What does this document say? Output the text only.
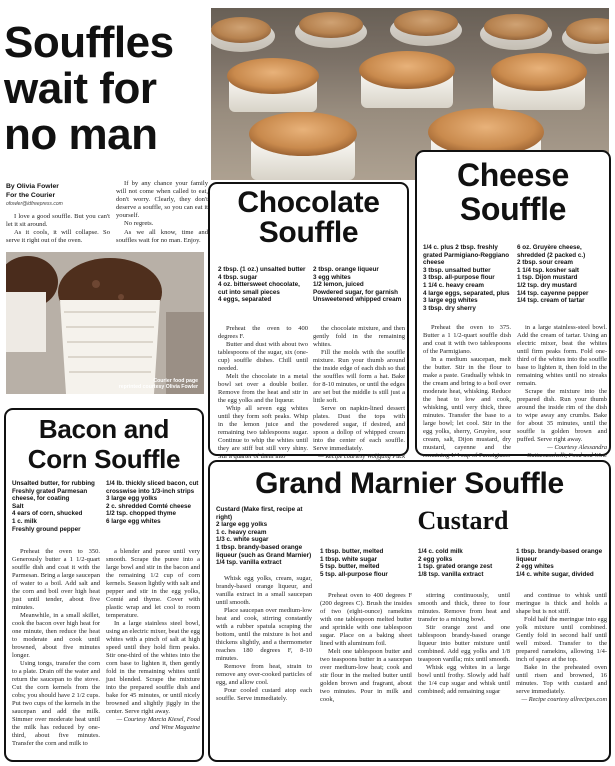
Souffles
wait for
no man
By Olivia Fowler
For the Courier
ofowler@idfreepress.com

I love a good souffle. But you can't let it sit around.

As it cools, it will collapse. So serve it right out of the oven.

If by any chance your family will not come when called to eat, don't worry. Clearly, they don't deserve a souffle, so you can eat it yourself.

No regrets.

As we all know, time and souffles wait for no man. Enjoy.

Courier food page
reprinted courtesy Olivia Fowler
Chocolate
Souffle
2 tbsp. (1 oz.) unsalted butter
4 tbsp. sugar
4 oz. bittersweet chocolate, cut into small pieces
4 eggs, separated
2 tbsp. orange liqueur
3 egg whites
1/2 lemon, juiced
Powdered sugar, for garnish
Unsweetened whipped cream

Preheat the oven to 400 degrees F.

Butter and dust with about two tablespoons of the sugar, six (one-cup) souffle dishes. Chill until needed.

Melt the chocolate in a metal bowl set over a double boiler. Remove from the heat and stir in the egg yolks and the liqueur.

Whip all seven egg whites until they form soft peaks. Whip in the lemon juice and the remaining two tablespoons sugar. Continue to whip the whites until they are stiff but still very shiny. Stir a quarter of them into

the chocolate mixture, and then gently fold in the remaining whites.

Fill the molds with the souffle mixture. Run your thumb around the inside edge of each dish so that the souffles will form a hat. Bake for 8-10 minutes, or until the edges are set but the middle is still just a little soft.

Serve on napkin-lined dessert plates. Dust the tops with powdered sugar, if desired, and spoon a dollop of whipped cream into the center of each souffle. Serve immediately.

— Recipe courtesy Wolfgang Puck
Cheese
Souffle
1/4 c. plus 2 tbsp. freshly grated Parmigiano-Reggiano cheese
3 tbsp. unsalted butter
3 tbsp. all-purpose flour
1 1/4 c. heavy cream
4 large eggs, separated, plus 3 large egg whites
3 tbsp. dry sherry
6 oz. Gruyère cheese, shredded (2 packed c.)
2 tbsp. sour cream
1 1/4 tsp. kosher salt
1 tsp. Dijon mustard
1/2 tsp. dry mustard
1/4 tsp. cayenne pepper
1/4 tsp. cream of tartar

Preheat the oven to 375. Butter a 1 1/2-quart souffle dish and coat it with two tablespoons of the Parmigiano.

In a medium saucepan, melt the butter. Stir in the flour to make a paste. Gradually whisk in the cream and bring to a boil over moderate heat, whisking. Reduce the heat to low and cook, whisking, until very thick, three minutes. Transfer the base to a large bowl; let cool. Stir in the egg yolks, sherry, Gruyère, sour cream, salt, Dijon mustard, dry mustard, cayenne and the remaining 1/4 cup of Parmigiano.

in a large stainless-steel bowl. Add the cream of tartar. Using an electric mixer, beat the whites until firm peaks form. Fold one-third of the whites into the souffle base to lighten it, then fold in the remaining whites until no streaks remain.

Scrape the mixture into the prepared dish. Run your thumb around the inside rim of the dish to wipe away any crumbs. Bake for about 35 minutes, until the souffle is golden brown and puffed. Serve right away.

— Courtesy Alessandra Gattamaschelli, Food and Wine
Bacon and
Corn Souffle
Unsalted butter, for rubbing
Freshly grated Parmesan cheese, for coating
Salt
4 ears of corn, shucked
1 c. milk
Freshly ground pepper
1/4 lb. thickly sliced bacon, cut crosswise into 1/3-inch strips
3 large egg yolks
2 c. shredded Comté cheese
1/2 tsp. chopped thyme
6 large egg whites

Preheat the oven to 350. Generously butter a 1 1/2-quart souffle dish and coat it with the Parmesan. Bring a large saucepan of water to a boil. Add salt and the corn and boil over high heat just until tender, about five minutes.

Meanwhile, in a small skillet, cook the bacon over high heat for one minute, then reduce the heat to moderate and cook until browned, about five minutes longer.

Using tongs, transfer the corn to a plate. Drain off the water and return the saucepan to the stove. Cut the corn kernels from the cobs; you should have 2 1/2 cups. Put two cups of the kernels in the saucepan and add the milk. Simmer over moderate heat until the milk has reduced by one-third, about five minutes. Transfer the corn and milk to

a blender and puree until very smooth. Scrape the puree into a large bowl and stir in the bacon and the remaining 1/2 cup of corn kernels. Season lightly with salt and pepper and stir in the egg yolks, Comté and thyme. Cover with plastic wrap and let cool to room temperature.

In a large stainless steel bowl, using an electric mixer, beat the egg whites with a pinch of salt at high speed until they hold firm peaks. Stir one-third of the whites into the corn base to lighten it, then gently fold in the remaining whites until just blended. Scrape the mixture into the prepared souffle dish and bake for 45 minutes, or until nicely browned and slightly jiggly in the center. Serve right away.

— Courtesy Marcia Kiesel, Food and Wine Magazine
Grand Marnier Souffle
Custard (Make first, recipe at right)
2 large egg yolks
1 c. heavy cream
1/3 c. white sugar
1 tbsp. brandy-based orange liqueur (such as Grand Marnier)
1/4 tsp. vanilla extract

Whisk egg yolks, cream, sugar, brandy-based orange liqueur, and vanilla extract in a small saucepan until smooth.

Place saucepan over medium-low heat and cook, stirring constantly with a rubber spatula scraping the bottom, until the mixture is hot and thickens slightly, and a thermometer reaches 180 degrees F, 8-10 minutes.

Remove from heat, strain to remove any over-cooked particles of egg, and allow cool.

Pour cooled custard atop each souffle. Serve immediately.

Custard
1 tbsp. butter, melted
1 tbsp. white sugar
5 tsp. butter, melted
5 tsp. all-purpose flour

Preheat oven to 400 degrees F (200 degrees C). Brush the insides of two (eight-ounce) ramekins with one tablespoon melted butter and sprinkle with one tablespoon sugar. Place on a baking sheet lined with aluminum foil.

Melt one tablespoon butter and two teaspoons butter in a saucepan over medium-low heat; cook and stir flour in the melted butter until golden brown and fragrant, about two minutes. Pour in milk and cook,

1/4 c. cold milk
2 egg yolks
1 tsp. grated orange zest
1/8 tsp. vanilla extract

stirring continuously, until smooth and thick, three to four minutes. Remove from heat and transfer to a mixing bowl.

Stir orange zest and one tablespoon brandy-based orange liqueur into butter mixture until combined. Add egg yolks and 1/8 teaspoon vanilla; mix until smooth.

Whisk egg whites in a large bowl until frothy. Slowly add half the 1/4 cup sugar and whisk until combined; add remaining sugar

1 tbsp. brandy-based orange liqueur
2 egg whites
1/4 c. white sugar, divided

and continue to whisk until meringue is thick and holds a shape but is not stiff.

Fold half the meringue into egg yolk mixture until combined. Gently fold in second half until well mixed. Transfer to the prepared ramekins, allowing 1/4-inch of space at the top.

Bake in the preheated oven until risen and browned, 16 minutes. Top with custard and serve immediately.

— Recipe courtesy allrecipes.com
